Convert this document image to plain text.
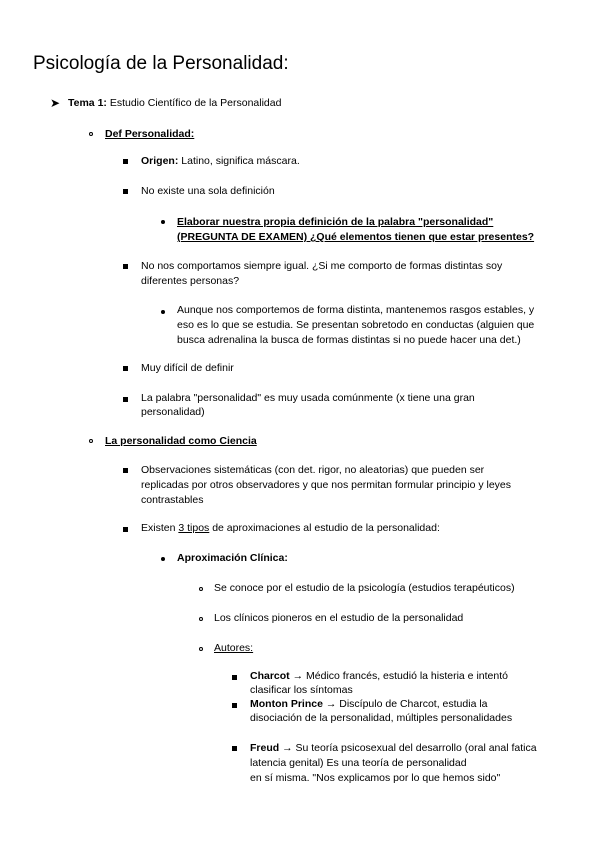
Psicología de la Personalidad:
➤ Tema 1: Estudio Científico de la Personalidad
Def Personalidad:
Origen: Latino, significa máscara.
No existe una sola definición
Elaborar nuestra propia definición de la palabra "personalidad"
(PREGUNTA DE EXAMEN) ¿Qué elementos tienen que estar presentes?
No nos comportamos siempre igual. ¿Si me comporto de formas distintas soy
diferentes personas?
Aunque nos comportemos de forma distinta, mantenemos rasgos estables, y
eso es lo que se estudia. Se presentan sobretodo en conductas (alguien que
busca adrenalina la busca de formas distintas si no puede hacer una det.)
Muy difícil de definir
La palabra "personalidad" es muy usada comúnmente (x tiene una gran
personalidad)
La personalidad como Ciencia
Observaciones sistemáticas (con det. rigor, no aleatorias) que pueden ser
replicadas por otros observadores y que nos permitan formular principio y leyes
contrastables
Existen 3 tipos de aproximaciones al estudio de la personalidad:
Aproximación Clínica:
Se conoce por el estudio de la psicología (estudios terapéuticos)
Los clínicos pioneros en el estudio de la personalidad
Autores:
Charcot → Médico francés, estudió la histeria e intentó
clasificar los síntomas
Monton Prince → Discípulo de Charcot, estudia la
disociación de la personalidad, múltiples personalidades
Freud → Su teoría psicosexual del desarrollo (oral anal fatica
latencia genital) Es una teoría de personalidad
en sí misma. "Nos explicamos por lo que hemos sido"
